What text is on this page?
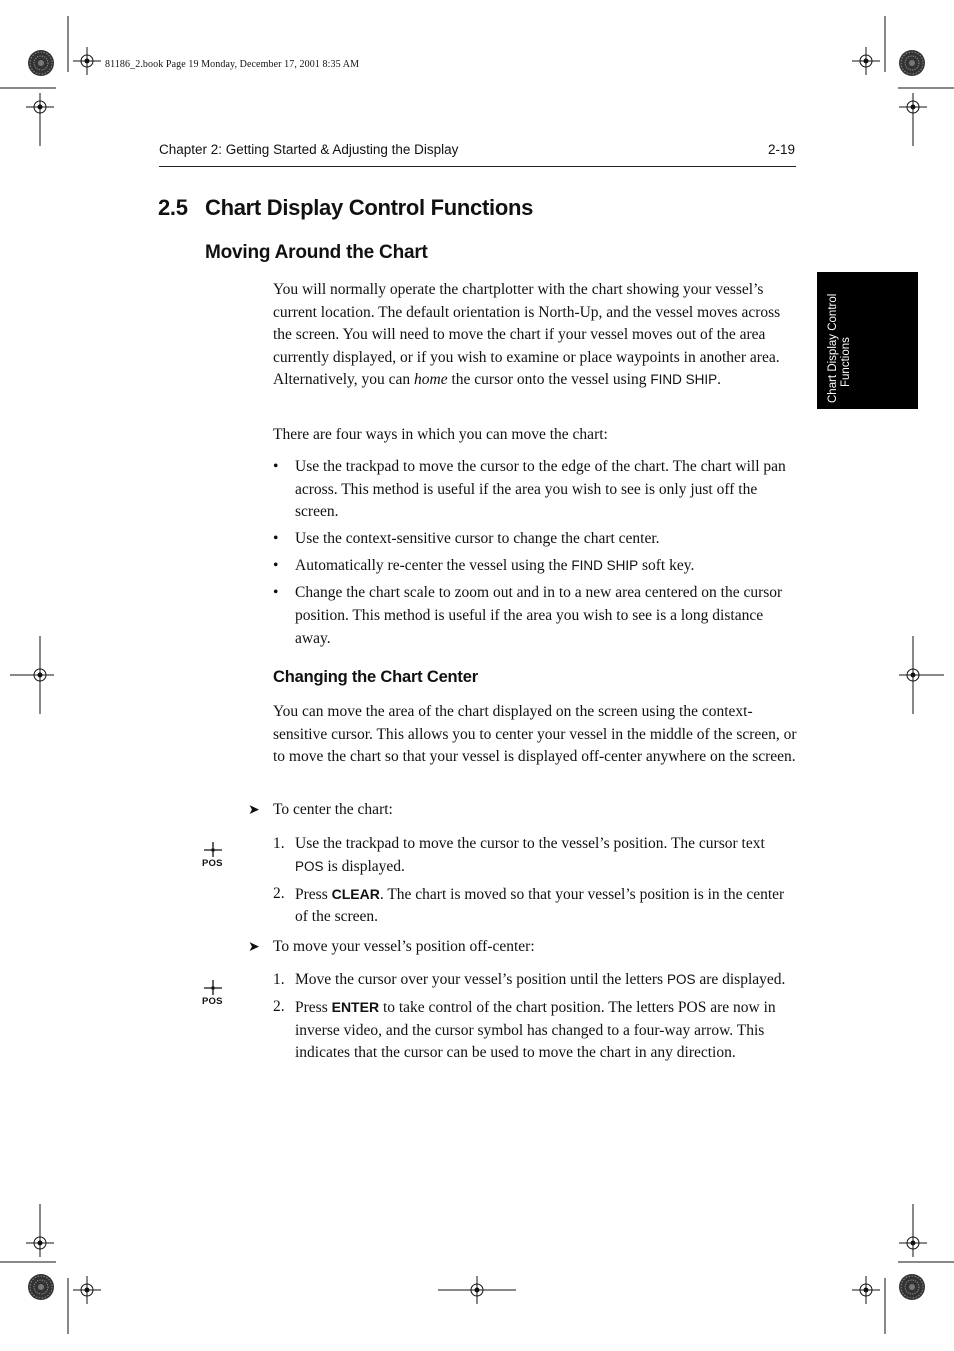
81186_2.book Page 19 Monday, December 17, 2001 8:35 AM
Chapter 2: Getting Started & Adjusting the Display	2-19
Chart Display Control Functions
2.5 Chart Display Control Functions
Moving Around the Chart
You will normally operate the chartplotter with the chart showing your vessel’s current location. The default orientation is North-Up, and the vessel moves across the screen. You will need to move the chart if your vessel moves out of the area currently displayed, or if you wish to examine or place waypoints in another area. Alternatively, you can home the cursor onto the vessel using FIND SHIP.
There are four ways in which you can move the chart:
• Use the trackpad to move the cursor to the edge of the chart. The chart will pan across. This method is useful if the area you wish to see is only just off the screen.
• Use the context-sensitive cursor to change the chart center.
• Automatically re-center the vessel using the FIND SHIP soft key.
• Change the chart scale to zoom out and in to a new area centered on the cursor position. This method is useful if the area you wish to see is a long distance away.
Changing the Chart Center
You can move the area of the chart displayed on the screen using the context-sensitive cursor. This allows you to center your vessel in the middle of the screen, or to move the chart so that your vessel is displayed off-center anywhere on the screen.
➤ To center the chart:
POS
1. Use the trackpad to move the cursor to the vessel’s position. The cursor text POS is displayed.
2. Press CLEAR. The chart is moved so that your vessel’s position is in the center of the screen.
➤ To move your vessel’s position off-center:
POS
1. Move the cursor over your vessel’s position until the letters POS are displayed.
2. Press ENTER to take control of the chart position. The letters POS are now in inverse video, and the cursor symbol has changed to a four-way arrow. This indicates that the cursor can be used to move the chart in any direction.
